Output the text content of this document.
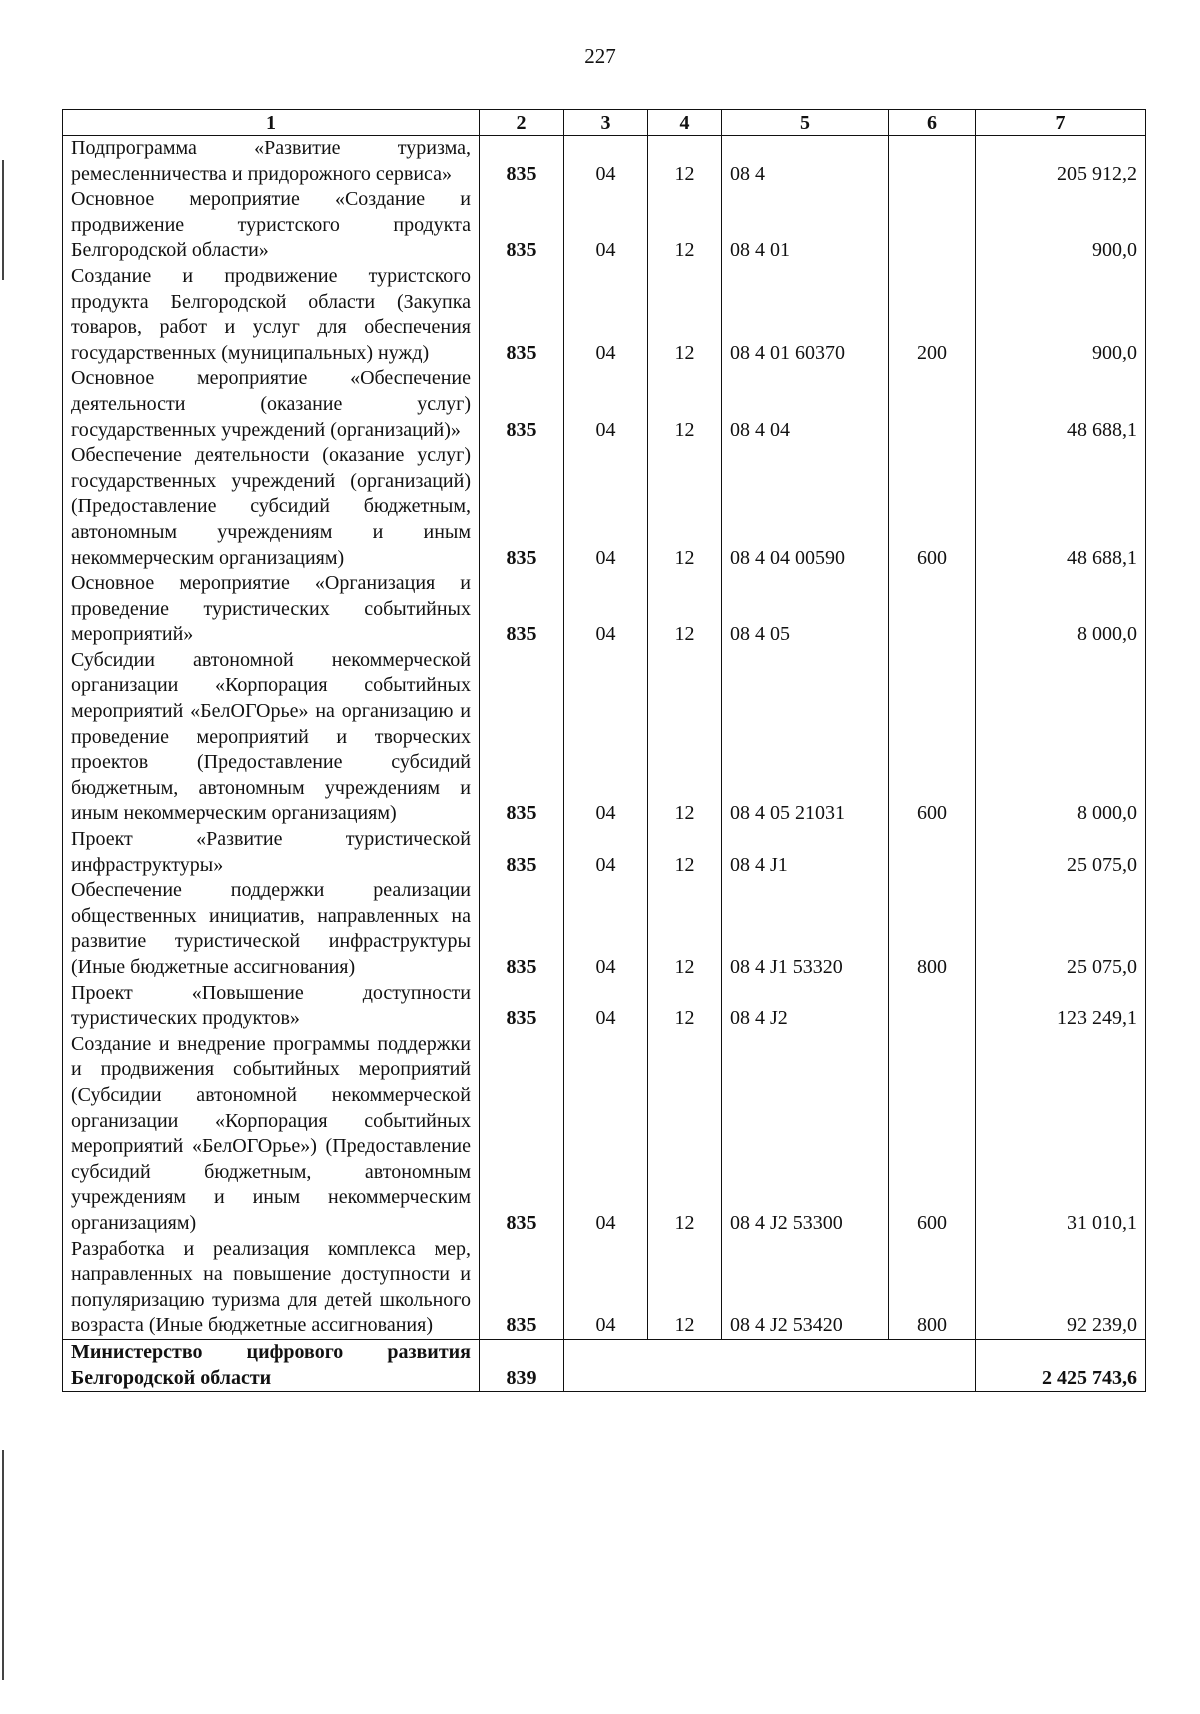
227
1	2	3	4	5	6	7
Подпрограмма «Развитие туризма, ремесленничества и придорожного сервиса»	835	04	12	08 4		205 912,2
Основное мероприятие «Создание и продвижение туристского продукта Белгородской области»	835	04	12	08 4 01		900,0
Создание и продвижение туристского продукта Белгородской области (Закупка товаров, работ и услуг для обеспечения государственных (муниципальных) нужд)	835	04	12	08 4 01 60370	200	900,0
Основное мероприятие «Обеспечение деятельности (оказание услуг) государственных учреждений (организаций)»	835	04	12	08 4 04		48 688,1
Обеспечение деятельности (оказание услуг) государственных учреждений (организаций) (Предоставление субсидий бюджетным, автономным учреждениям и иным некоммерческим организациям)	835	04	12	08 4 04 00590	600	48 688,1
Основное мероприятие «Организация и проведение туристических событийных мероприятий»	835	04	12	08 4 05		8 000,0
Субсидии автономной некоммерческой организации «Корпорация событийных мероприятий «БелОГОрье» на организацию и проведение мероприятий и творческих проектов (Предоставление субсидий бюджетным, автономным учреждениям и иным некоммерческим организациям)	835	04	12	08 4 05 21031	600	8 000,0
Проект «Развитие туристической инфраструктуры»	835	04	12	08 4 J1		25 075,0
Обеспечение поддержки реализации общественных инициатив, направленных на развитие туристической инфраструктуры (Иные бюджетные ассигнования)	835	04	12	08 4 J1 53320	800	25 075,0
Проект «Повышение доступности туристических продуктов»	835	04	12	08 4 J2		123 249,1
Создание и внедрение программы поддержки и продвижения событийных мероприятий (Субсидии автономной некоммерческой организации «Корпорация событийных мероприятий «БелОГОрье») (Предоставление субсидий бюджетным, автономным учреждениям и иным некоммерческим организациям)	835	04	12	08 4 J2 53300	600	31 010,1
Разработка и реализация комплекса мер, направленных на повышение доступности и популяризацию туризма для детей школьного возраста (Иные бюджетные ассигнования)	835	04	12	08 4 J2 53420	800	92 239,0
Министерство цифрового развития Белгородской области	839					2 425 743,6
